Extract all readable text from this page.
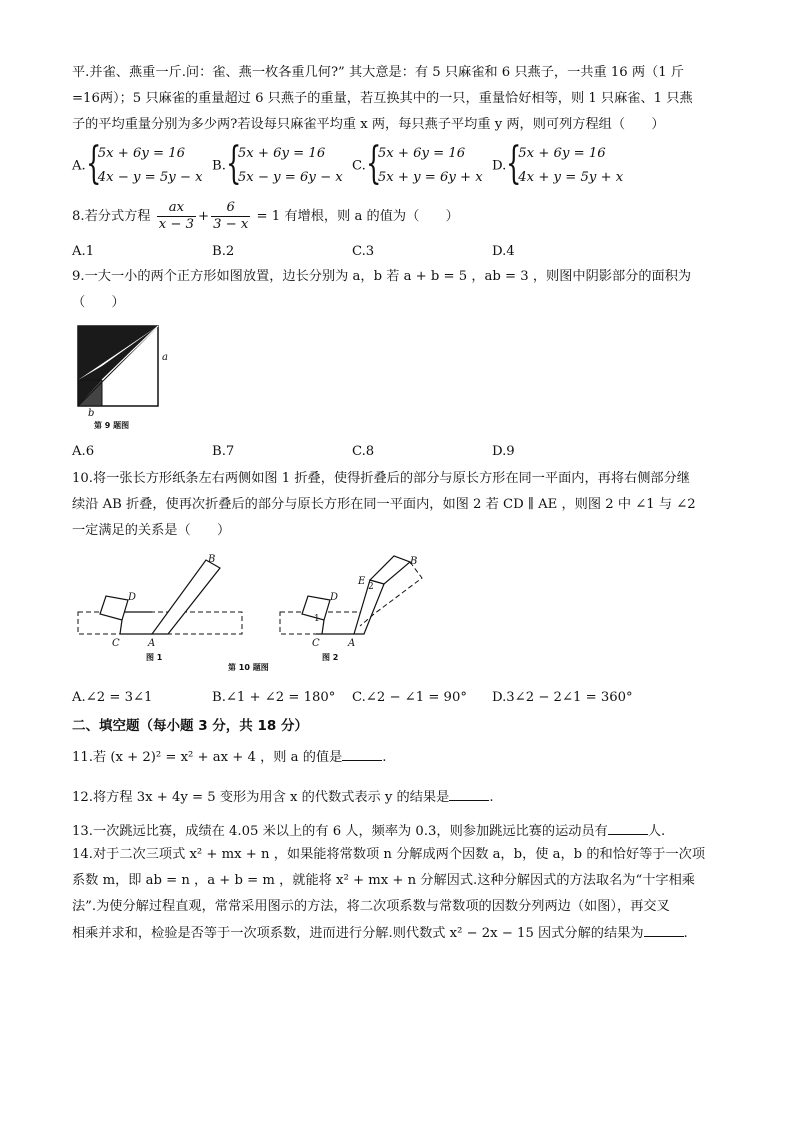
平.并雀、燕重一斤.问：雀、燕一枚各重几何?” 其大意是：有 5 只麻雀和 6 只燕子，一共重 16 两（1 斤
=16两）；5 只麻雀的重量超过 6 只燕子的重量，若互换其中的一只，重量恰好相等，则 1 只麻雀、1 只燕
子的平均重量分别为多少两?若设每只麻雀平均重 x 两，每只燕子平均重 y 两，则可列方程组（　　）
A. {
5x + 6y = 16
4x − y = 5y − x
B. {
5x + 6y = 16
5x − y = 6y − x
C. {
5x + 6y = 16
5x + y = 6y + x
D. {
5x + 6y = 16
4x + y = 5y + x
8.若分式方程 $\frac{ax}{x - 3} + \frac{6}{3 - x} = 1$ 有增根，则 a 的值为（　　）
A.1	B.2	C.3	D.4
9.一大一小的两个正方形如图放置，边长分别为 a，b 若 a + b = 5 ，ab = 3 ，则图中阴影部分的面积为
（　　）
a
b
第 9 题图
A.6	B.7	C.8	D.9
10.将一张长方形纸条左右两侧如图 1 折叠，使得折叠后的部分与原长方形在同一平面内，再将右侧部分继
续沿 AB 折叠，使再次折叠后的部分与原长方形在同一平面内，如图 2 若 CD ∥ AE ，则图 2 中 ∠1 与 ∠2
一定满足的关系是（　　）
D
C	A
B
图 1
D
1
C	A
E 2
B
图 2
第 10 题图
A.∠2 = 3∠1	B.∠1 + ∠2 = 180° C.∠2 − ∠1 = 90° D.3∠2 − 2∠1 = 360°
二、填空题（每小题 3 分，共 18 分）
11.若 (x + 2)² = x² + ax + 4 ，则 a 的值是	.
12.将方程 3x + 4y = 5 变形为用含 x 的代数式表示 y 的结果是	.
13.一次跳远比赛，成绩在 4.05 米以上的有 6 人，频率为 0.3，则参加跳远比赛的运动员有	人.
14.对于二次三项式 x² + mx + n ，如果能将常数项 n 分解成两个因数 a，b，使 a，b 的和恰好等于一次项
系数 m，即 ab = n ，a + b = m ，就能将 x² + mx + n 分解因式.这种分解因式的方法取名为“十字相乘
法”.为使分解过程直观，常常采用图示的方法，将二次项系数与常数项的因数分列两边（如图），再交叉
相乘并求和，检验是否等于一次项系数，进而进行分解.则代数式 x² − 2x − 15 因式分解的结果为	.
